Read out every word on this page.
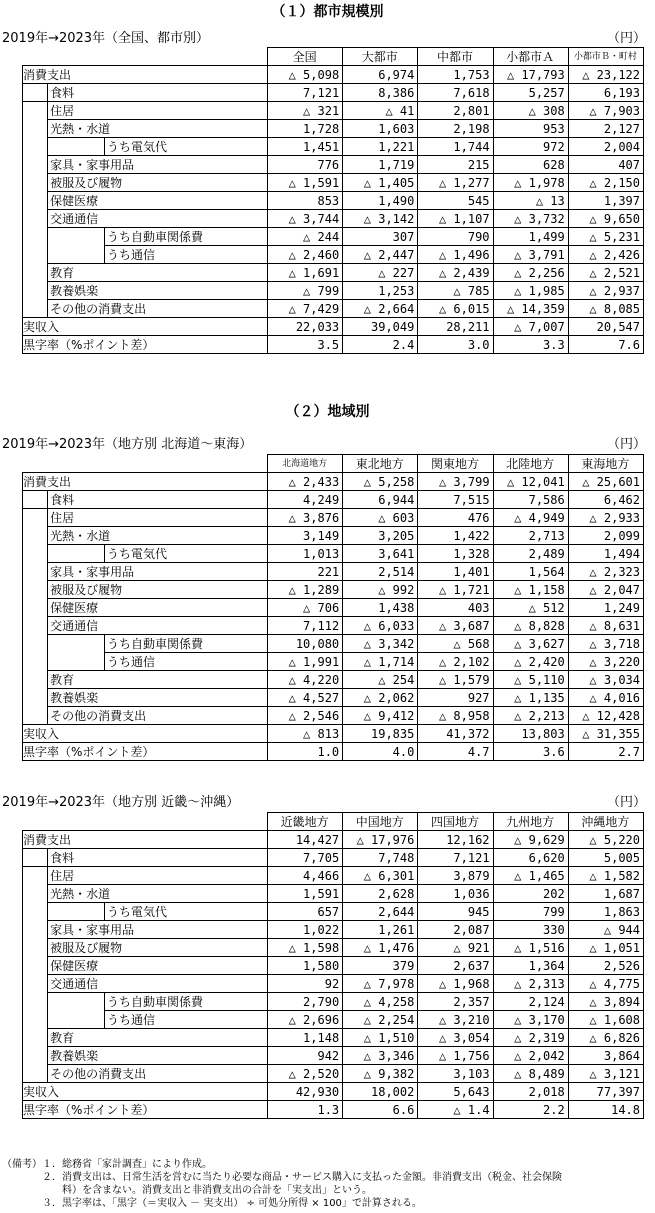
（１）都市規模別
2019年→2023年（全国、都市別）	（円）
			全国	大都市	中都市	小都市Ａ	小都市Ｂ・町村
消費支出			△ 5,098	6,974	1,753	△ 17,793	△ 23,122
	食料		7,121	8,386	7,618	5,257	6,193
	住居		△ 321	△ 41	2,801	△ 308	△ 7,903
	光熱・水道		1,728	1,603	2,198	953	2,127
		うち電気代	1,451	1,221	1,744	972	2,004
	家具・家事用品		776	1,719	215	628	407
	被服及び履物		△ 1,591	△ 1,405	△ 1,277	△ 1,978	△ 2,150
	保健医療		853	1,490	545	△ 13	1,397
	交通通信		△ 3,744	△ 3,142	△ 1,107	△ 3,732	△ 9,650
		うち自動車関係費	△ 244	307	790	1,499	△ 5,231
		うち通信	△ 2,460	△ 2,447	△ 1,496	△ 3,791	△ 2,426
	教育		△ 1,691	△ 227	△ 2,439	△ 2,256	△ 2,521
	教養娯楽		△ 799	1,253	△ 785	△ 1,985	△ 2,937
	その他の消費支出		△ 7,429	△ 2,664	△ 6,015	△ 14,359	△ 8,085
実収入			22,033	39,049	28,211	△ 7,007	20,547
黒字率（%ポイント差）			3.5	2.4	3.0	3.3	7.6
（２）地域別
2019年→2023年（地方別 北海道～東海）	（円）
			北海道地方	東北地方	関東地方	北陸地方	東海地方
消費支出			△ 2,433	△ 5,258	△ 3,799	△ 12,041	△ 25,601
	食料		4,249	6,944	7,515	7,586	6,462
	住居		△ 3,876	△ 603	476	△ 4,949	△ 2,933
	光熱・水道		3,149	3,205	1,422	2,713	2,099
		うち電気代	1,013	3,641	1,328	2,489	1,494
	家具・家事用品		221	2,514	1,401	1,564	△ 2,323
	被服及び履物		△ 1,289	△ 992	△ 1,721	△ 1,158	△ 2,047
	保健医療		△ 706	1,438	403	△ 512	1,249
	交通通信		7,112	△ 6,033	△ 3,687	△ 8,828	△ 8,631
		うち自動車関係費	10,080	△ 3,342	△ 568	△ 3,627	△ 3,718
		うち通信	△ 1,991	△ 1,714	△ 2,102	△ 2,420	△ 3,220
	教育		△ 4,220	△ 254	△ 1,579	△ 5,110	△ 3,034
	教養娯楽		△ 4,527	△ 2,062	927	△ 1,135	△ 4,016
	その他の消費支出		△ 2,546	△ 9,412	△ 8,958	△ 2,213	△ 12,428
実収入			△ 813	19,835	41,372	13,803	△ 31,355
黒字率（%ポイント差）			1.0	4.0	4.7	3.6	2.7
2019年→2023年（地方別 近畿～沖縄）	（円）
			近畿地方	中国地方	四国地方	九州地方	沖縄地方
消費支出			14,427	△ 17,976	12,162	△ 9,629	△ 5,220
	食料		7,705	7,748	7,121	6,620	5,005
	住居		4,466	△ 6,301	3,879	△ 1,465	△ 1,582
	光熱・水道		1,591	2,628	1,036	202	1,687
		うち電気代	657	2,644	945	799	1,863
	家具・家事用品		1,022	1,261	2,087	330	△ 944
	被服及び履物		△ 1,598	△ 1,476	△ 921	△ 1,516	△ 1,051
	保健医療		1,580	379	2,637	1,364	2,526
	交通通信		92	△ 7,978	△ 1,968	△ 2,313	△ 4,775
		うち自動車関係費	2,790	△ 4,258	2,357	2,124	△ 3,894
		うち通信	△ 2,696	△ 2,254	△ 3,210	△ 3,170	△ 1,608
	教育		1,148	△ 1,510	△ 3,054	△ 2,319	△ 6,826
	教養娯楽		942	△ 3,346	△ 1,756	△ 2,042	3,864
	その他の消費支出		△ 2,520	△ 9,382	3,103	△ 8,489	△ 3,121
実収入			42,930	18,002	5,643	2,018	77,397
黒字率（%ポイント差）			1.3	6.6	△ 1.4	2.2	14.8
（備考）１．総務省「家計調査」により作成。
　　　　２．消費支出は、日常生活を営むに当たり必要な商品・サービス購入に支払った金額。非消費支出（税金、社会保険
　　　　　　料）を含まない。消費支出と非消費支出の合計を「実支出」という。
　　　　３．黒字率は、「黒字（＝実収入 － 実支出） ÷ 可処分所得 × 100」で計算される。
